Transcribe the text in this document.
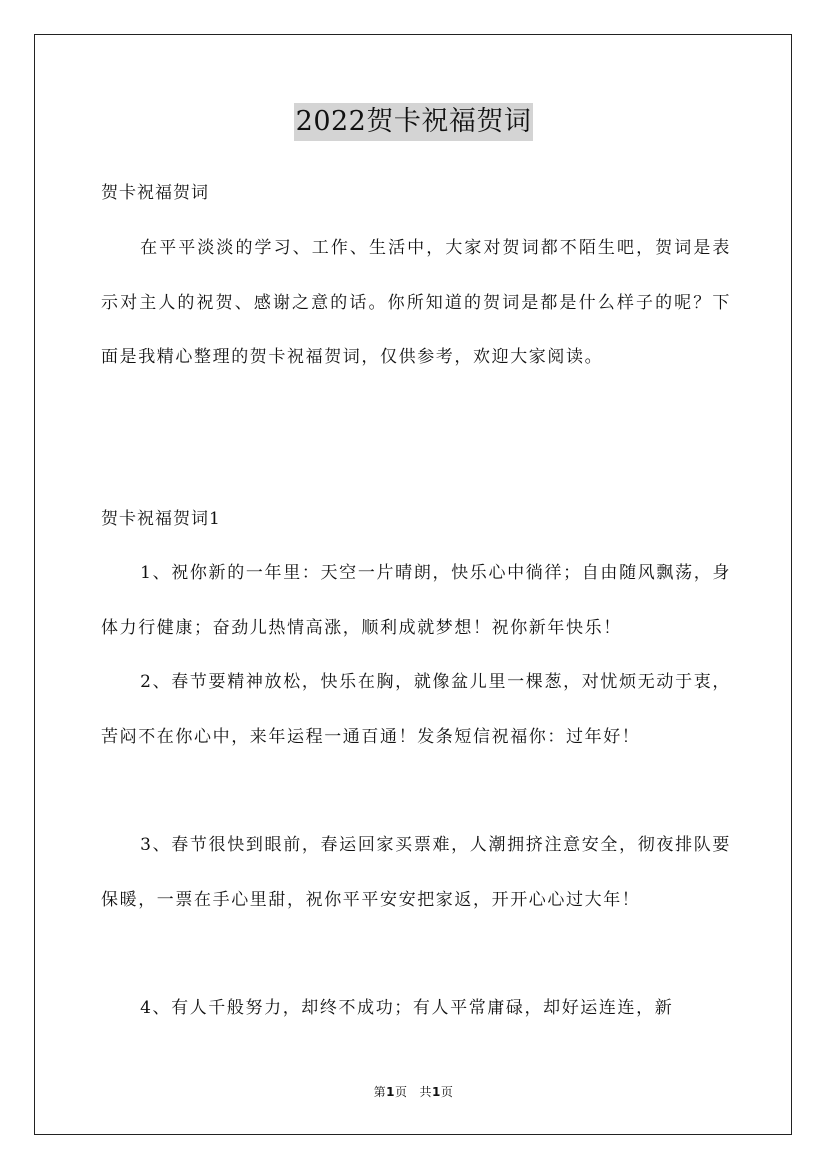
2022贺卡祝福贺词
贺卡祝福贺词

在平平淡淡的学习、工作、生活中，大家对贺词都不陌生吧，贺词是表示对主人的祝贺、感谢之意的话。你所知道的贺词是都是什么样子的呢？下面是我精心整理的贺卡祝福贺词，仅供参考，欢迎大家阅读。

贺卡祝福贺词1

1、祝你新的一年里：天空一片晴朗，快乐心中徜徉；自由随风飘荡，身体力行健康；奋劲儿热情高涨，顺利成就梦想！祝你新年快乐！

2、春节要精神放松，快乐在胸，就像盆儿里一棵葱，对忧烦无动于衷，苦闷不在你心中，来年运程一通百通！发条短信祝福你：过年好！

3、春节很快到眼前，春运回家买票难，人潮拥挤注意安全，彻夜排队要保暖，一票在手心里甜，祝你平平安安把家返，开开心心过大年！

4、有人千般努力，却终不成功；有人平常庸碌，却好运连连，新

第1页 共1页
